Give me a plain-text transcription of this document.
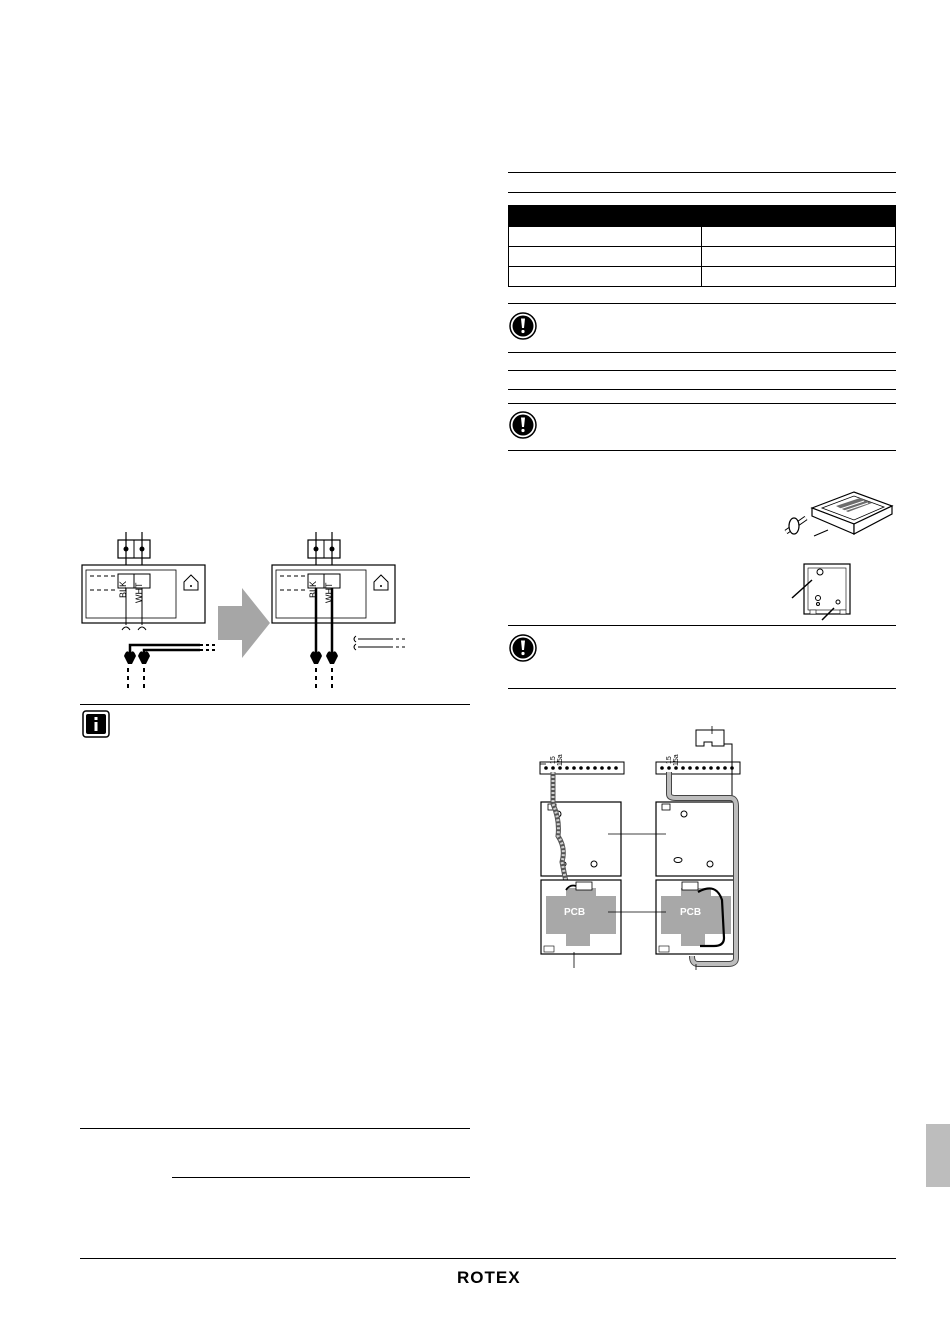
BLK WHT	BLK WHT

15 15a	15 15a
PCB	PCB
ROTEX
